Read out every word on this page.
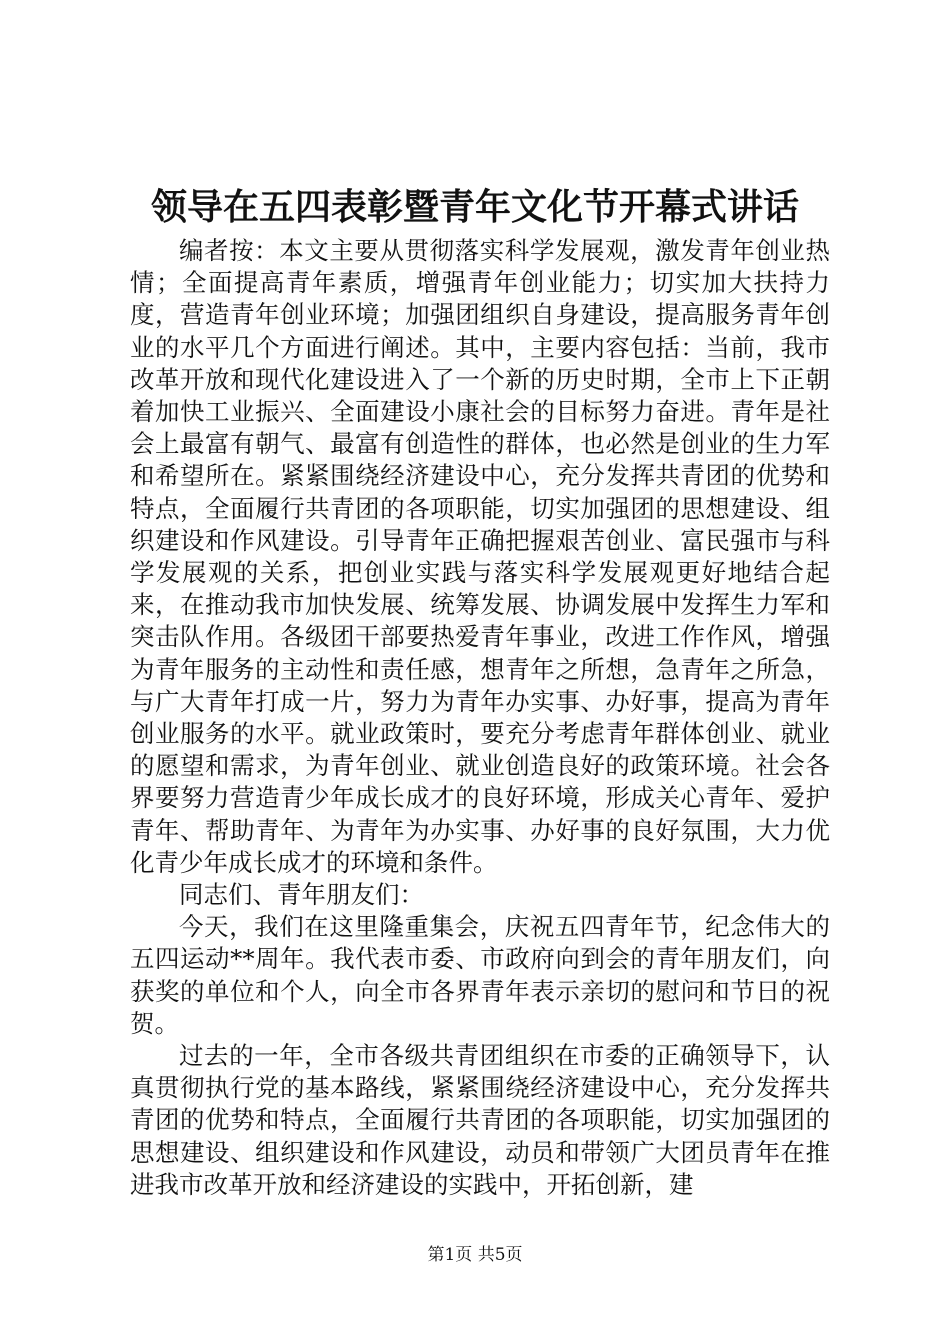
领导在五四表彰暨青年文化节开幕式讲话

编者按：本文主要从贯彻落实科学发展观，激发青年创业热情；全面提高青年素质，增强青年创业能力；切实加大扶持力度，营造青年创业环境；加强团组织自身建设，提高服务青年创业的水平几个方面进行阐述。其中，主要内容包括：当前，我市改革开放和现代化建设进入了一个新的历史时期，全市上下正朝着加快工业振兴、全面建设小康社会的目标努力奋进。青年是社会上最富有朝气、最富有创造性的群体，也必然是创业的生力军和希望所在。紧紧围绕经济建设中心，充分发挥共青团的优势和特点，全面履行共青团的各项职能，切实加强团的思想建设、组织建设和作风建设。引导青年正确把握艰苦创业、富民强市与科学发展观的关系，把创业实践与落实科学发展观更好地结合起来，在推动我市加快发展、统筹发展、协调发展中发挥生力军和突击队作用。各级团干部要热爱青年事业，改进工作作风，增强为青年服务的主动性和责任感，想青年之所想，急青年之所急，与广大青年打成一片，努力为青年办实事、办好事，提高为青年创业服务的水平。就业政策时，要充分考虑青年群体创业、就业的愿望和需求，为青年创业、就业创造良好的政策环境。社会各界要努力营造青少年成长成才的良好环境，形成关心青年、爱护青年、帮助青年、为青年为办实事、办好事的良好氛围，大力优化青少年成长成才的环境和条件。

同志们、青年朋友们：

今天，我们在这里隆重集会，庆祝五四青年节，纪念伟大的五四运动**周年。我代表市委、市政府向到会的青年朋友们，向获奖的单位和个人，向全市各界青年表示亲切的慰问和节日的祝贺。

过去的一年，全市各级共青团组织在市委的正确领导下，认真贯彻执行党的基本路线，紧紧围绕经济建设中心，充分发挥共青团的优势和特点，全面履行共青团的各项职能，切实加强团的思想建设、组织建设和作风建设，动员和带领广大团员青年在推进我市改革开放和经济建设的实践中，开拓创新，建

第1页 共5页
